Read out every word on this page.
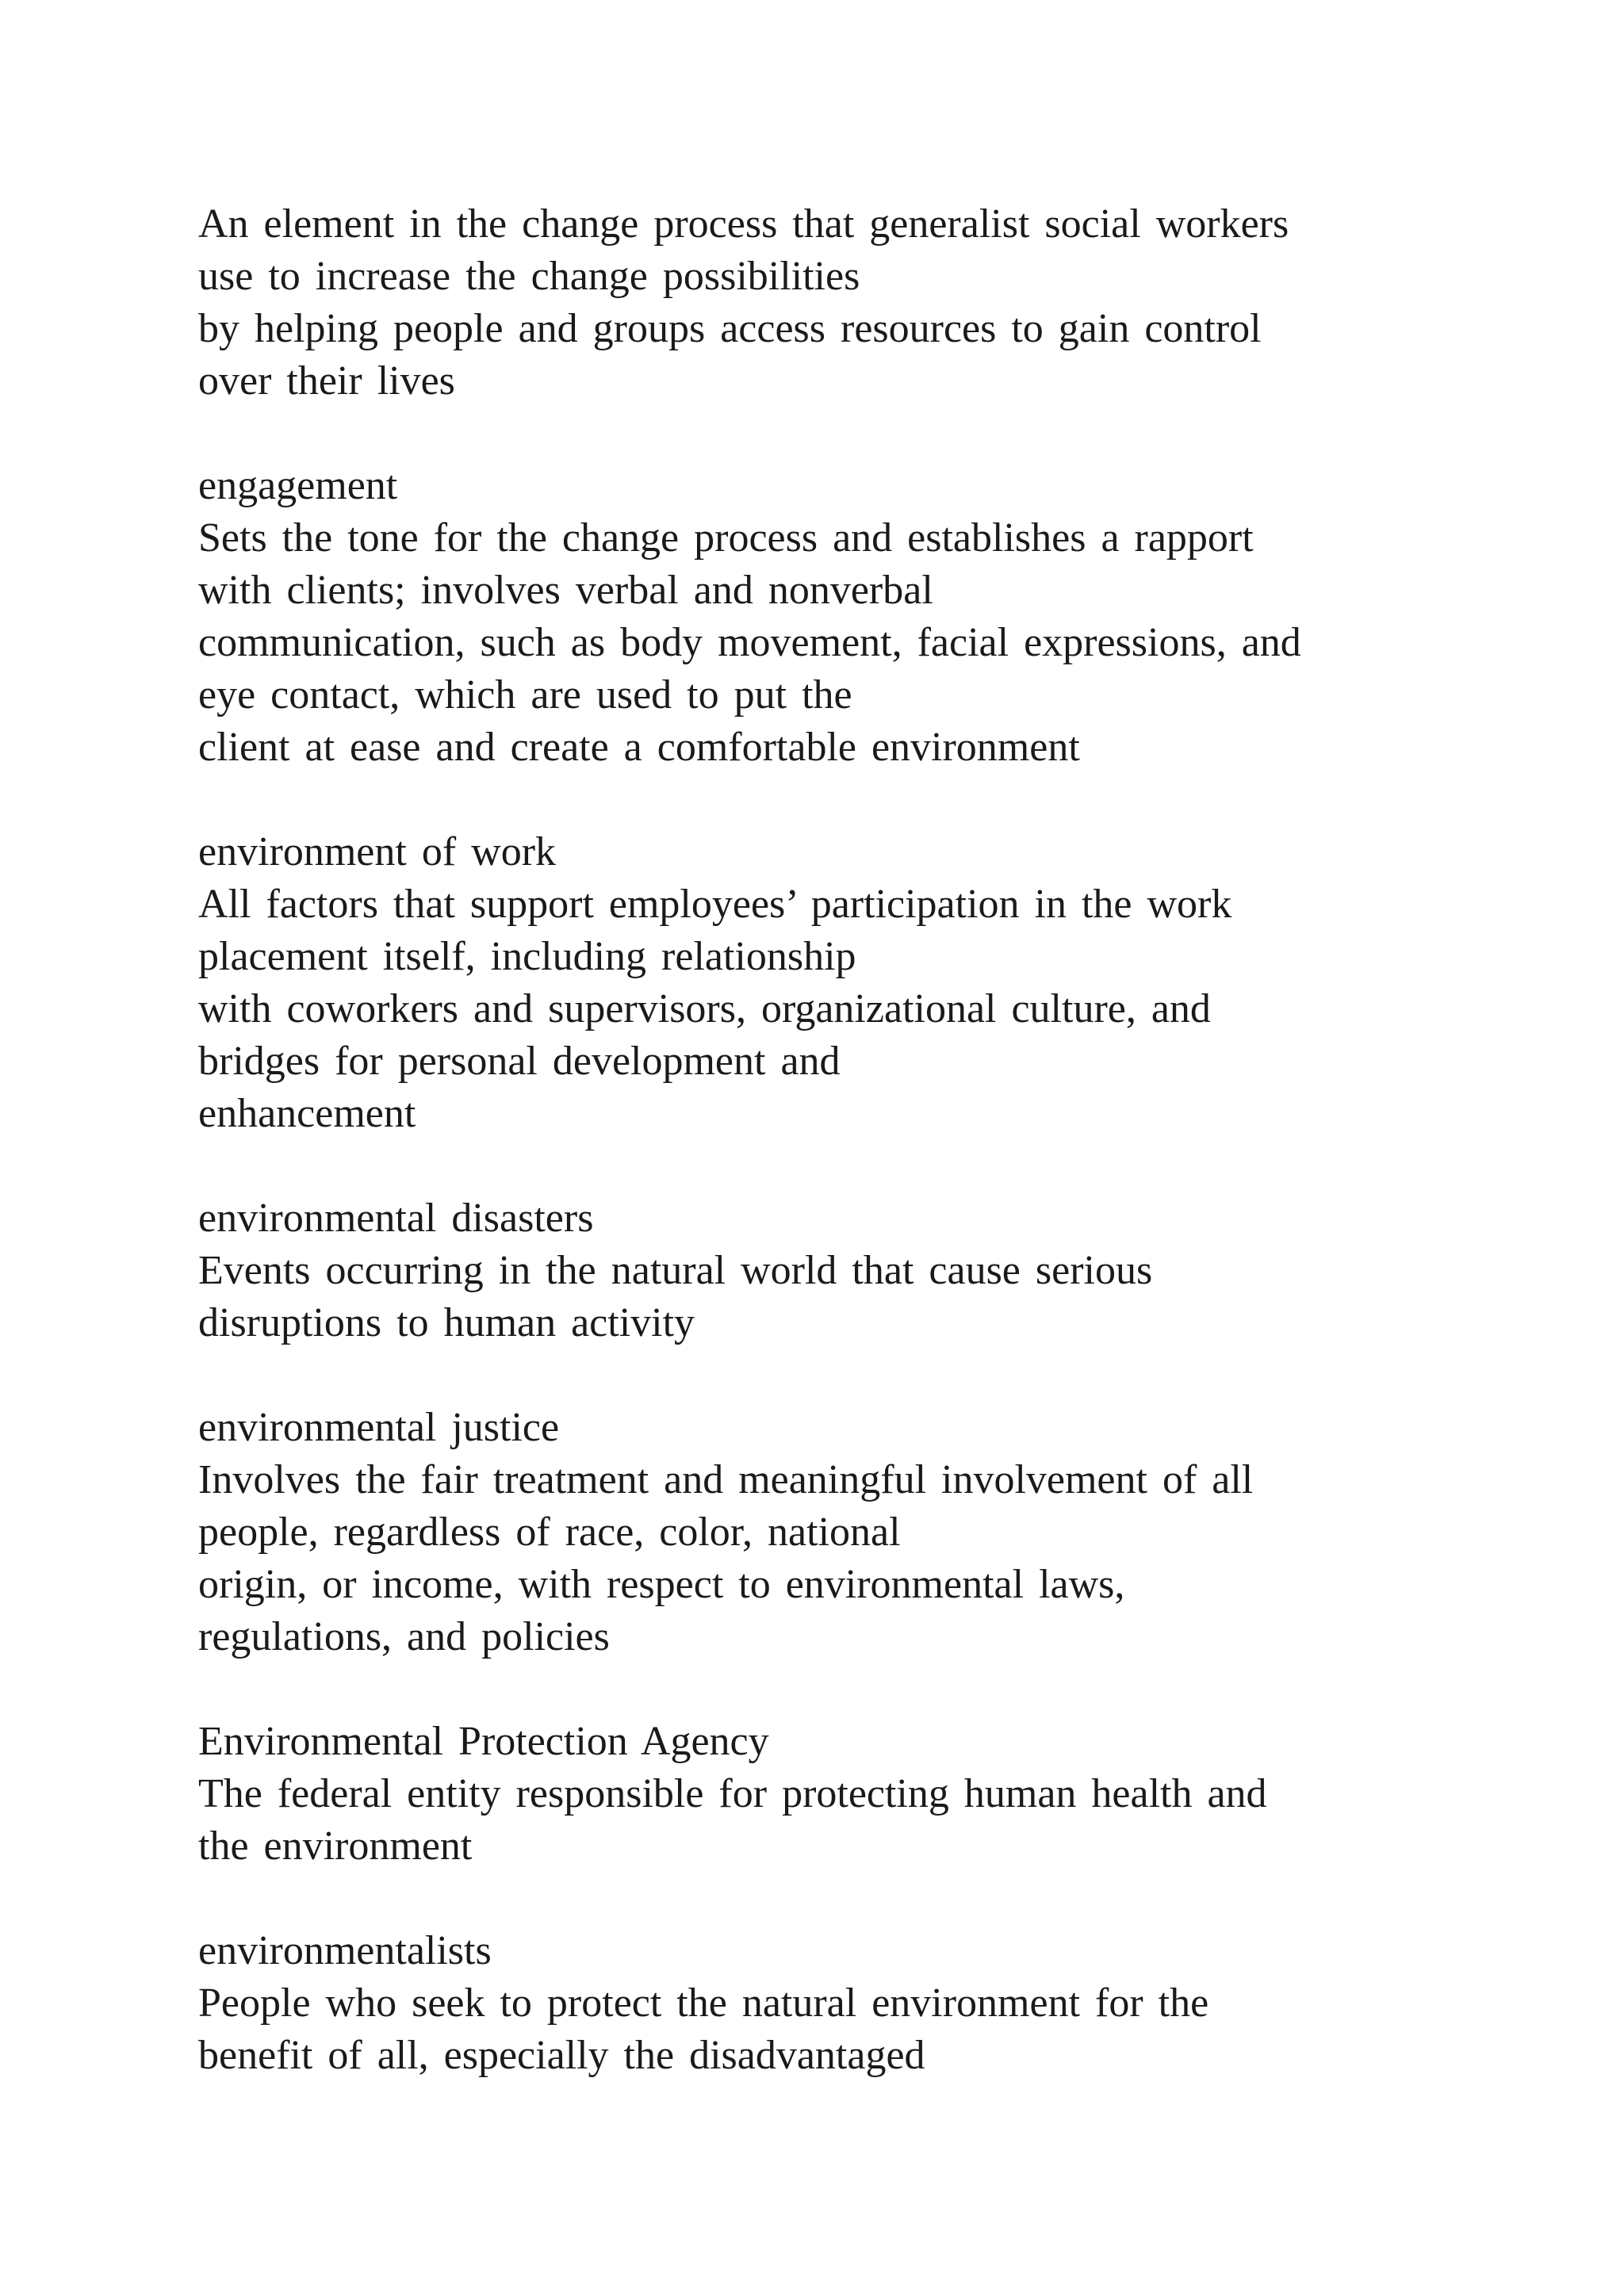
An element in the change process that generalist social workers
use to increase the change possibilities
by helping people and groups access resources to gain control
over their lives
engagement
Sets the tone for the change process and establishes a rapport
with clients; involves verbal and nonverbal
communication, such as body movement, facial expressions, and
eye contact, which are used to put the
client at ease and create a comfortable environment
environment of work
All factors that support employees’ participation in the work
placement itself, including relationship
with coworkers and supervisors, organizational culture, and
bridges for personal development and
enhancement
environmental disasters
Events occurring in the natural world that cause serious
disruptions to human activity
environmental justice
Involves the fair treatment and meaningful involvement of all
people, regardless of race, color, national
origin, or income, with respect to environmental laws,
regulations, and policies
Environmental Protection Agency
The federal entity responsible for protecting human health and
the environment
environmentalists
People who seek to protect the natural environment for the
benefit of all, especially the disadvantaged
